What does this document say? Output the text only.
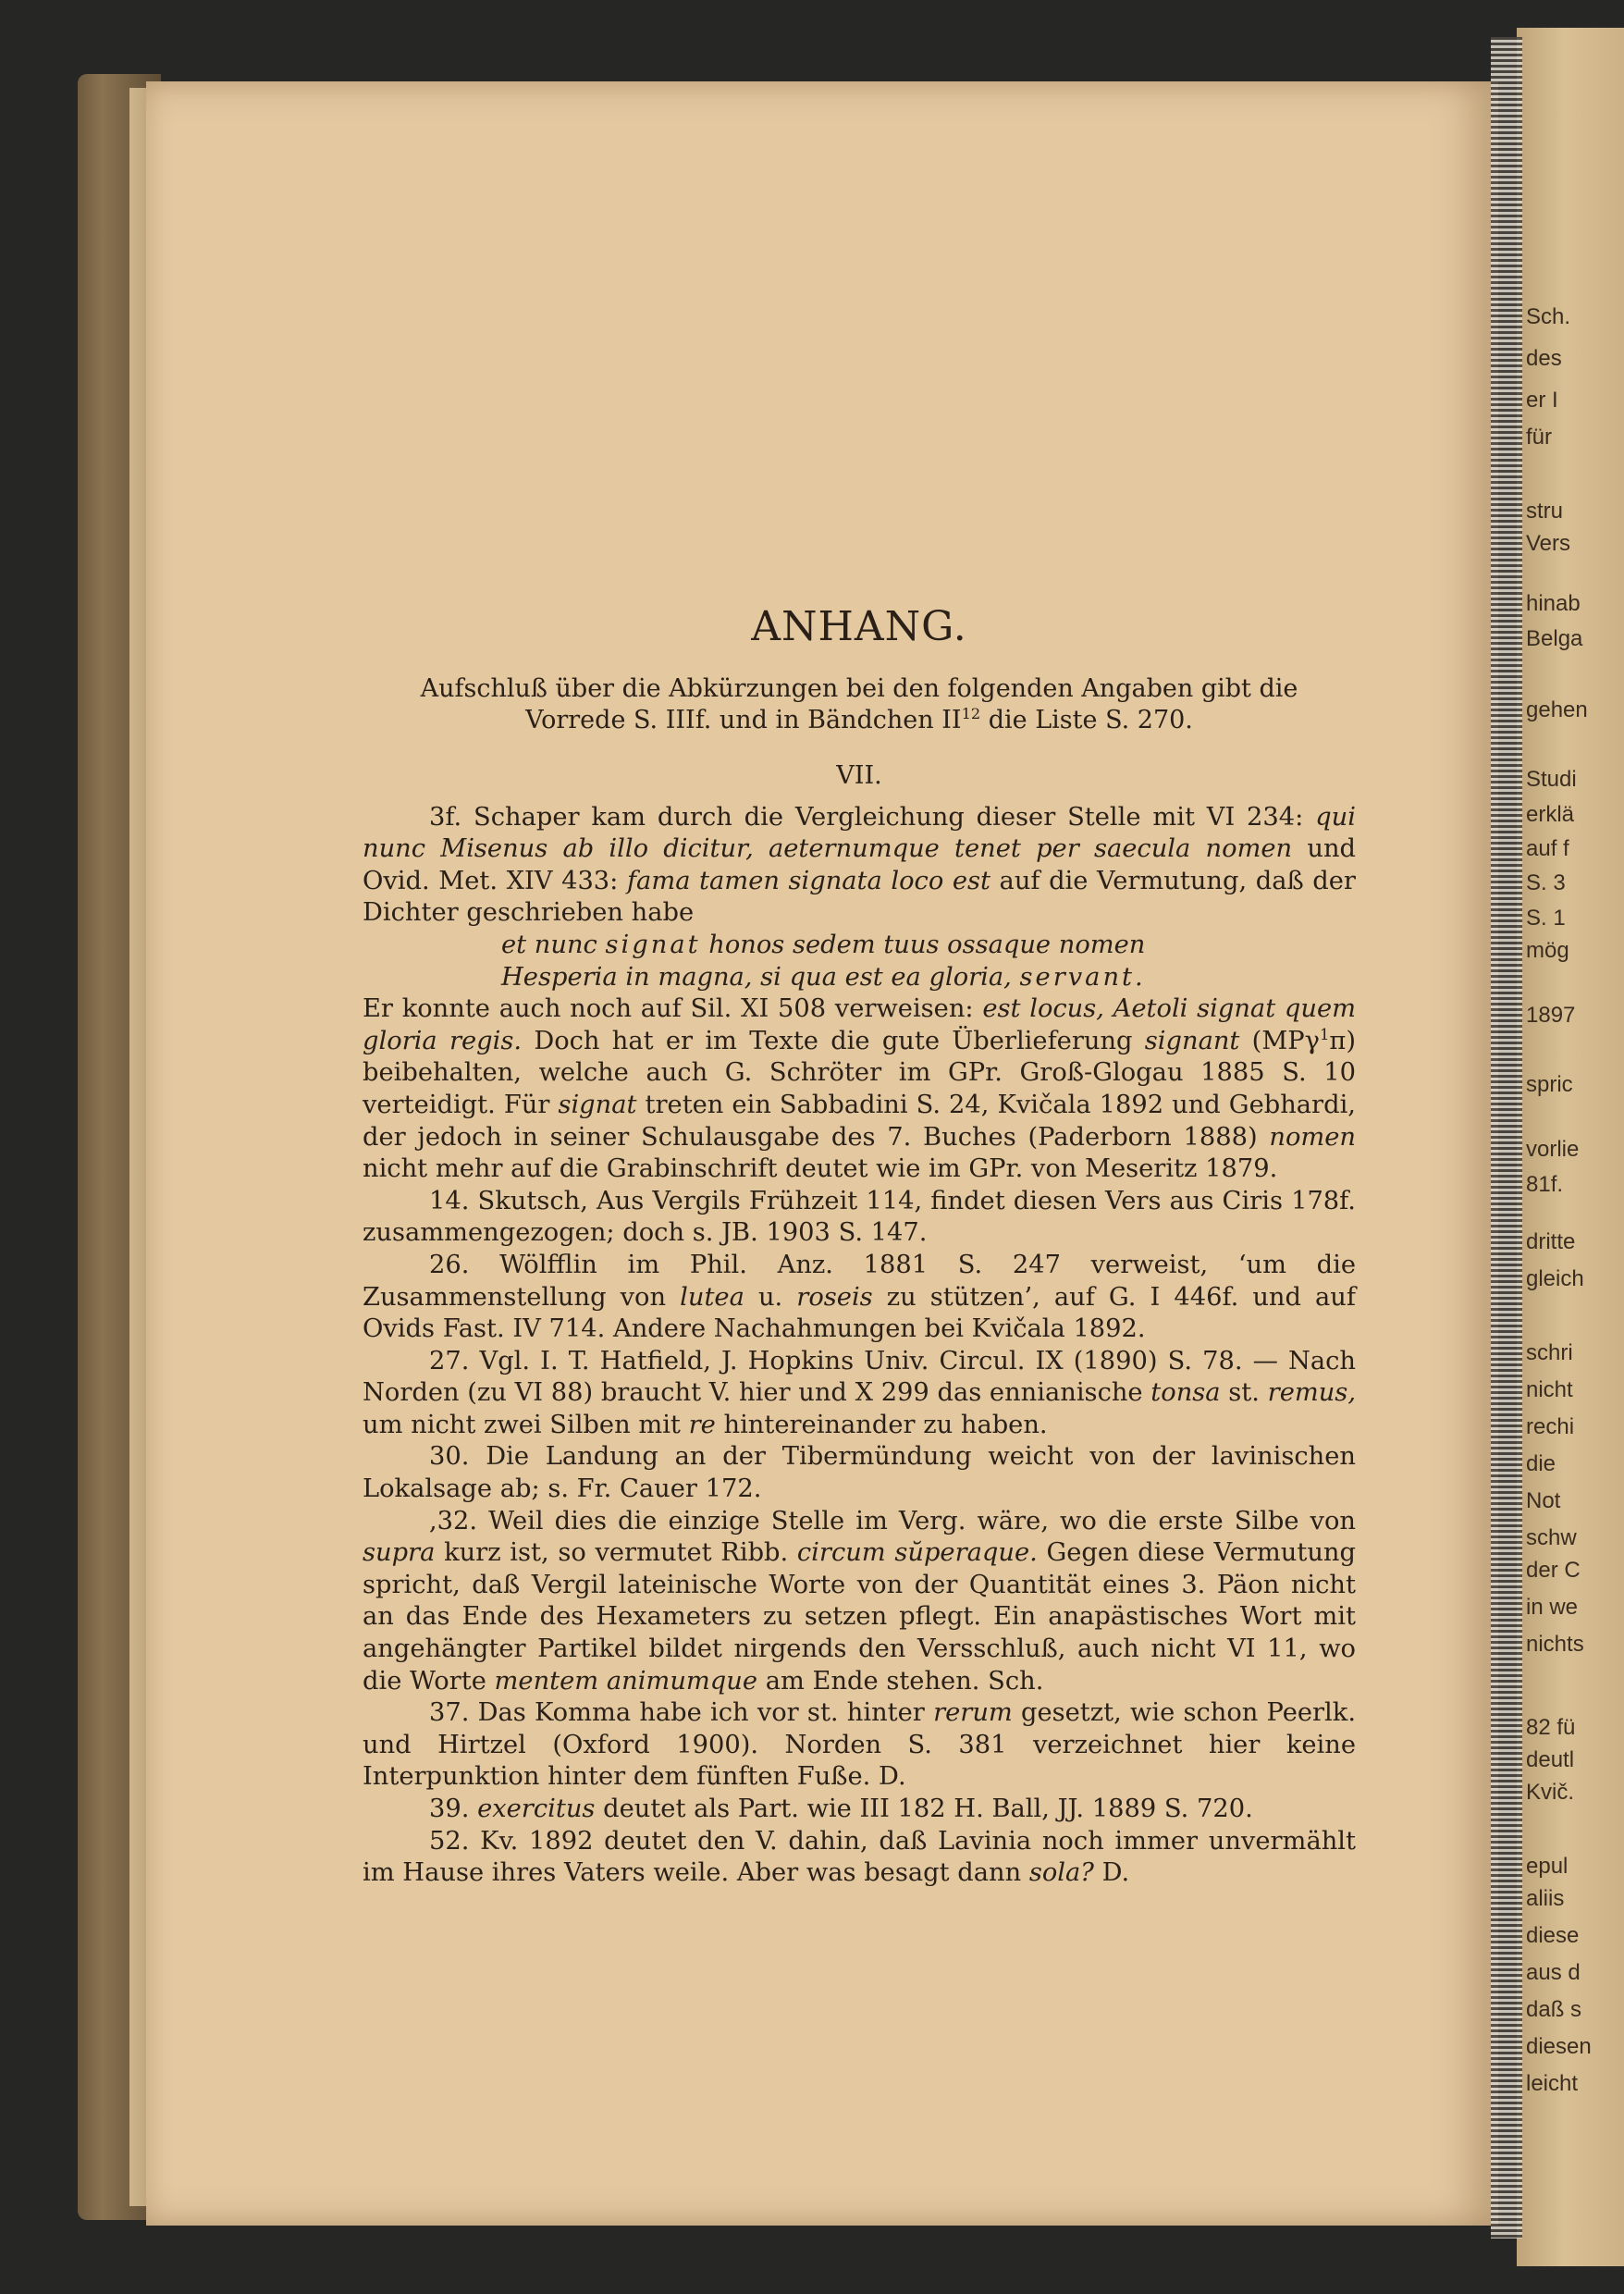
Sch.
des
er I
für
stru
Vers
hinab
Belga
gehen
Studi
erklä
auf f
S. 3
S. 1
mög
1897
spric
vorlie
81f.
dritte
gleich
schri
nicht
rechi
die
Not
schw
der C
in we
nichts
82 fü
deutl
Kvič.
epul
aliis
diese
aus d
daß s
diesen
leicht
ANHANG.
Aufschluß über die Abkürzungen bei den folgenden Angaben gibt die
Vorrede S. IIIf. und in Bändchen II$^{12}$ die Liste S. 270.
VII.

3f. Schaper kam durch die Vergleichung dieser Stelle mit VI 234: qui nunc Misenus ab illo dicitur, aeternumque tenet per saecula nomen und Ovid. Met. XIV 433: fama tamen signata loco est auf die Vermutung, daß der Dichter geschrieben habe

et nunc signat honos sedem tuus ossaque nomen

Hesperia in magna, si qua est ea gloria, servant.

Er konnte auch noch auf Sil. XI 508 verweisen: est locus, Aetoli signat quem gloria regis. Doch hat er im Texte die gute Überlieferung signant (MPγ$^1$π) beibehalten, welche auch G. Schröter im GPr. Groß-Glogau 1885 S. 10 verteidigt. Für signat treten ein Sabbadini S. 24, Kvičala 1892 und Gebhardi, der jedoch in seiner Schulausgabe des 7. Buches (Paderborn 1888) nomen nicht mehr auf die Grabinschrift deutet wie im GPr. von Meseritz 1879.

14. Skutsch, Aus Vergils Frühzeit 114, findet diesen Vers aus Ciris 178f. zusammengezogen; doch s. JB. 1903 S. 147.

26. Wölfflin im Phil. Anz. 1881 S. 247 verweist, ‘um die Zusammenstellung von lutea u. roseis zu stützen’, auf G. I 446f. und auf Ovids Fast. IV 714. Andere Nachahmungen bei Kvičala 1892.

27. Vgl. I. T. Hatfield, J. Hopkins Univ. Circul. IX (1890) S. 78. — Nach Norden (zu VI 88) braucht V. hier und X 299 das ennianische tonsa st. remus, um nicht zwei Silben mit re hintereinander zu haben.

30. Die Landung an der Tibermündung weicht von der lavinischen Lokalsage ab; s. Fr. Cauer 172.

,32. Weil dies die einzige Stelle im Verg. wäre, wo die erste Silbe von supra kurz ist, so vermutet Ribb. circum sŭperaque. Gegen diese Vermutung spricht, daß Vergil lateinische Worte von der Quantität eines 3. Päon nicht an das Ende des Hexameters zu setzen pflegt. Ein anapästisches Wort mit angehängter Partikel bildet nirgends den Versschluß, auch nicht VI 11, wo die Worte mentem animumque am Ende stehen. Sch.

37. Das Komma habe ich vor st. hinter rerum gesetzt, wie schon Peerlk. und Hirtzel (Oxford 1900). Norden S. 381 verzeichnet hier keine Interpunktion hinter dem fünften Fuße. D.

39. exercitus deutet als Part. wie III 182 H. Ball, JJ. 1889 S. 720.

52. Kv. 1892 deutet den V. dahin, daß Lavinia noch immer unvermählt im Hause ihres Vaters weile. Aber was besagt dann sola? D.
